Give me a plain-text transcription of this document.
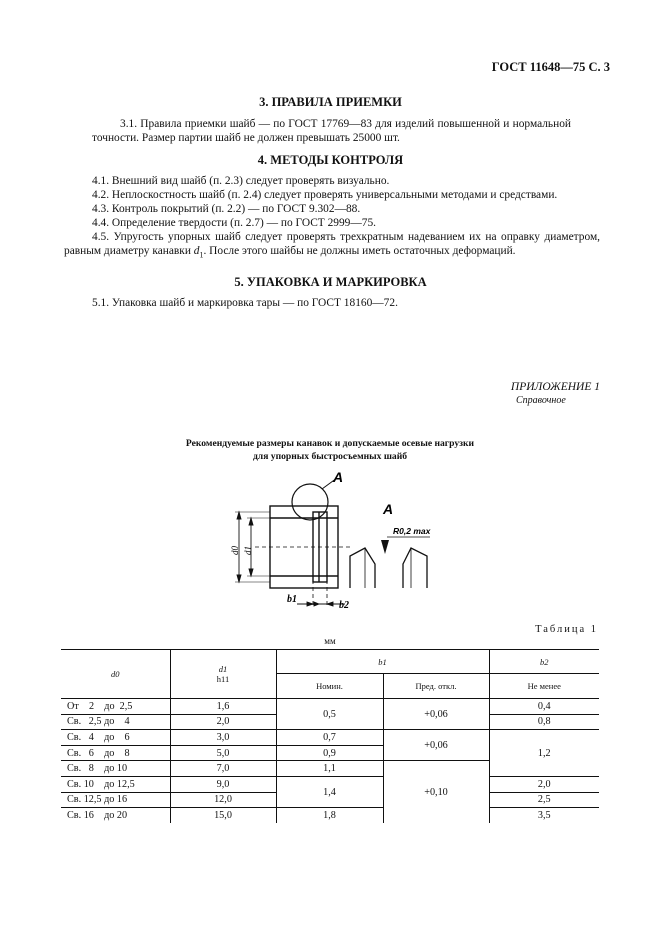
ГОСТ 11648—75 С. 3
3. ПРАВИЛА ПРИЕМКИ
3.1. Правила приемки шайб — по ГОСТ 17769—83 для изделий повышенной и нормальной точности. Размер партии шайб не должен превышать 25000 шт.
4. МЕТОДЫ КОНТРОЛЯ
4.1. Внешний вид шайб (п. 2.3) следует проверять визуально.
4.2. Неплоскостность шайб (п. 2.4) следует проверять универсальными методами и средствами.
4.3. Контроль покрытий (п. 2.2) — по ГОСТ 9.302—88.
4.4. Определение твердости (п. 2.7) — по ГОСТ 2999—75.
4.5. Упругость упорных шайб следует проверять трехкратным надеванием их на оправку диаметром, равным диаметру канавки $d_1$. После этого шайбы не должны иметь остаточных деформаций.
5. УПАКОВКА И МАРКИРОВКА
5.1. Упаковка шайб и маркировка тары — по ГОСТ 18160—72.
ПРИЛОЖЕНИЕ 1
Справочное
Рекомендуемые размеры канавок и допускаемые осевые нагрузки
для упорных быстросъемных шайб
A
d0 d1
b1
b2
A
R0,2 max
Таблица 1
мм
d0	d1
h11	b1		b2
		Номин.	Пред. откл.	Не менее
От    2    до  2,5	1,6	0,5	+0,06	0,4
Св.   2,5 до    4	2,0			0,8
Св.   4    до    6	3,0	0,7	+0,06	1,2
Св.   6    до    8	5,0	0,9		
Св.   8    до 10	7,0	1,1	+0,10	
Св. 10    до 12,5	9,0	1,4		2,0
Св. 12,5 до 16	12,0			2,5
Св. 16    до 20	15,0	1,8		3,5
